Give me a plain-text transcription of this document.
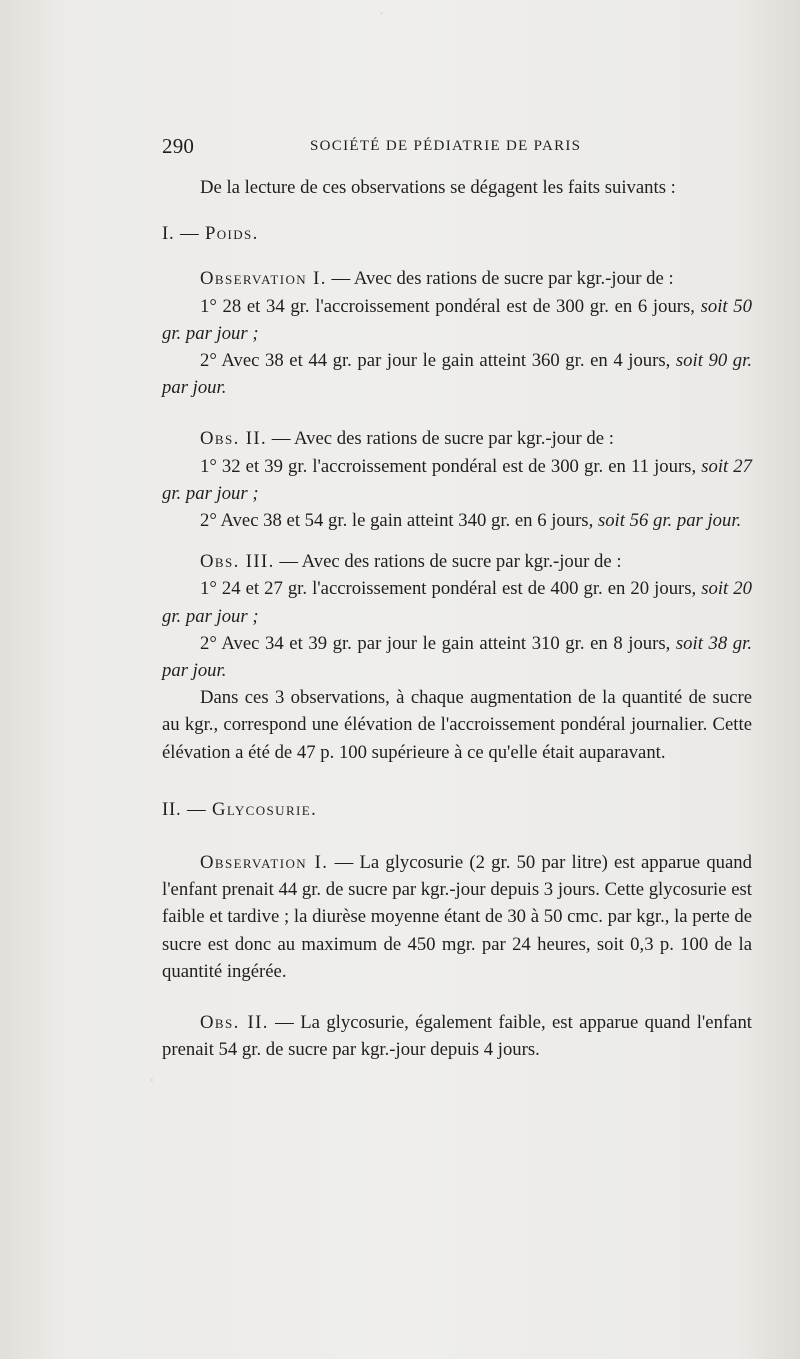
290	SOCIÉTÉ DE PÉDIATRIE DE PARIS

De la lecture de ces observations se dégagent les faits suivants :

I. — Poids.

Observation I. — Avec des rations de sucre par kgr.-jour de :

1° 28 et 34 gr. l'accroissement pondéral est de 300 gr. en 6 jours, soit 50 gr. par jour ;

2° Avec 38 et 44 gr. par jour le gain atteint 360 gr. en 4 jours, soit 90 gr. par jour.

Obs. II. — Avec des rations de sucre par kgr.-jour de :

1° 32 et 39 gr. l'accroissement pondéral est de 300 gr. en 11 jours, soit 27 gr. par jour ;

2° Avec 38 et 54 gr. le gain atteint 340 gr. en 6 jours, soit 56 gr. par jour.

Obs. III. — Avec des rations de sucre par kgr.-jour de :

1° 24 et 27 gr. l'accroissement pondéral est de 400 gr. en 20 jours, soit 20 gr. par jour ;

2° Avec 34 et 39 gr. par jour le gain atteint 310 gr. en 8 jours, soit 38 gr. par jour.

Dans ces 3 observations, à chaque augmentation de la quantité de sucre au kgr., correspond une élévation de l'accroissement pondéral journalier. Cette élévation a été de 47 p. 100 supérieure à ce qu'elle était auparavant.

II. — Glycosurie.

Observation I. — La glycosurie (2 gr. 50 par litre) est apparue quand l'enfant prenait 44 gr. de sucre par kgr.-jour depuis 3 jours. Cette glycosurie est faible et tardive ; la diurèse moyenne étant de 30 à 50 cmc. par kgr., la perte de sucre est donc au maximum de 450 mgr. par 24 heures, soit 0,3 p. 100 de la quantité ingérée.

Obs. II. — La glycosurie, également faible, est apparue quand l'enfant prenait 54 gr. de sucre par kgr.-jour depuis 4 jours.
